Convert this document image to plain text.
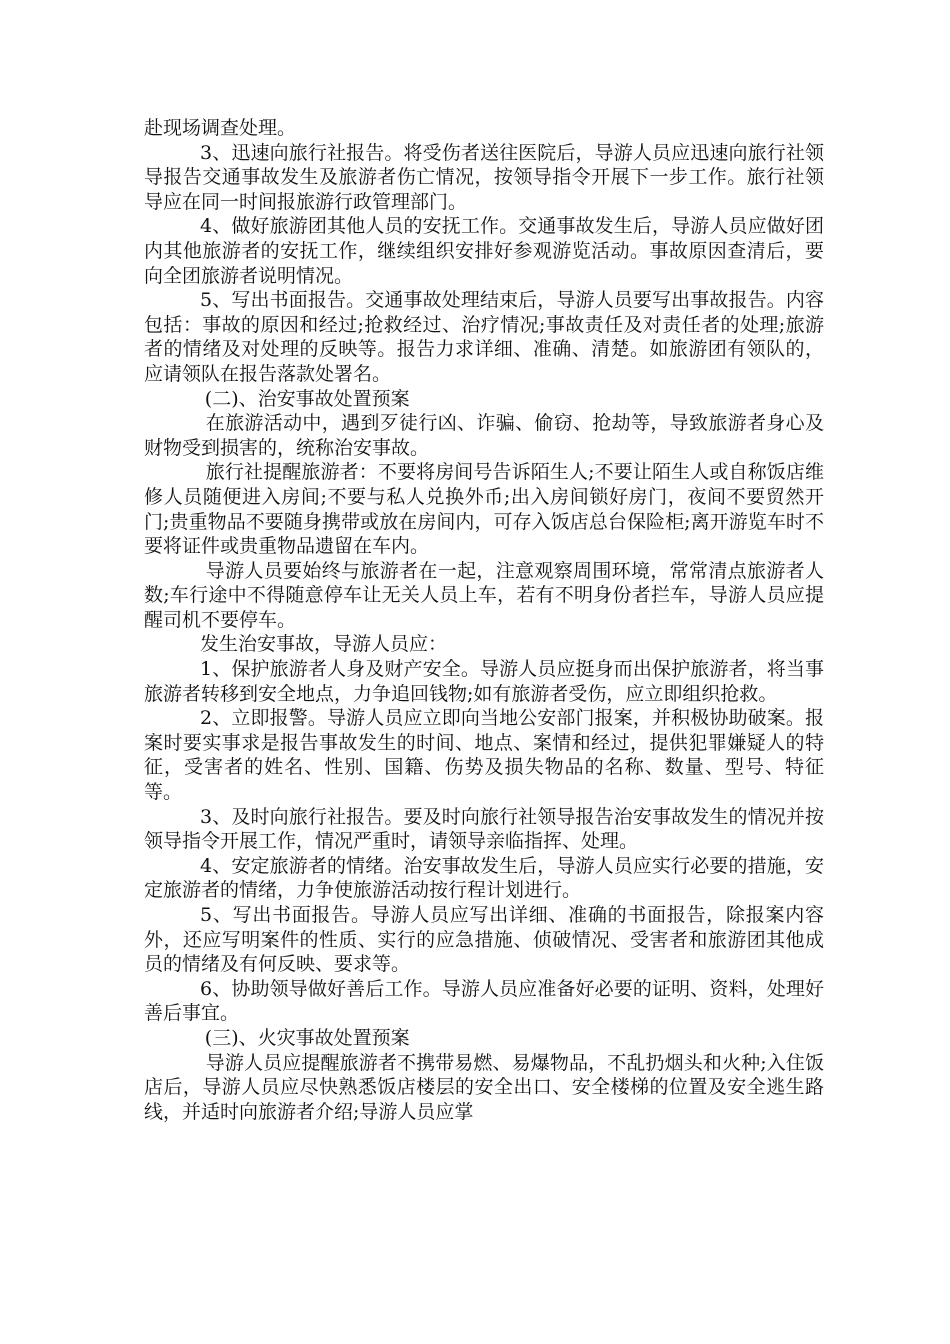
赴现场调查处理。

3、迅速向旅行社报告。将受伤者送往医院后，导游人员应迅速向旅行社领导报告交通事故发生及旅游者伤亡情况，按领导指令开展下一步工作。旅行社领导应在同一时间报旅游行政管理部门。

4、做好旅游团其他人员的安抚工作。交通事故发生后，导游人员应做好团内其他旅游者的安抚工作，继续组织安排好参观游览活动。事故原因查清后，要向全团旅游者说明情况。

5、写出书面报告。交通事故处理结束后，导游人员要写出事故报告。内容包括：事故的原因和经过;抢救经过、治疗情况;事故责任及对责任者的处理;旅游者的情绪及对处理的反映等。报告力求详细、准确、清楚。如旅游团有领队的，应请领队在报告落款处署名。

(二)、治安事故处置预案

在旅游活动中，遇到歹徒行凶、诈骗、偷窃、抢劫等，导致旅游者身心及财物受到损害的，统称治安事故。

旅行社提醒旅游者：不要将房间号告诉陌生人;不要让陌生人或自称饭店维修人员随便进入房间;不要与私人兑换外币;出入房间锁好房门，夜间不要贸然开门;贵重物品不要随身携带或放在房间内，可存入饭店总台保险柜;离开游览车时不要将证件或贵重物品遗留在车内。

导游人员要始终与旅游者在一起，注意观察周围环境，常常清点旅游者人数;车行途中不得随意停车让无关人员上车，若有不明身份者拦车，导游人员应提醒司机不要停车。

发生治安事故，导游人员应：

1、保护旅游者人身及财产安全。导游人员应挺身而出保护旅游者，将当事旅游者转移到安全地点，力争追回钱物;如有旅游者受伤，应立即组织抢救。

2、立即报警。导游人员应立即向当地公安部门报案，并积极协助破案。报案时要实事求是报告事故发生的时间、地点、案情和经过，提供犯罪嫌疑人的特征，受害者的姓名、性别、国籍、伤势及损失物品的名称、数量、型号、特征等。

3、及时向旅行社报告。要及时向旅行社领导报告治安事故发生的情况并按领导指令开展工作，情况严重时，请领导亲临指挥、处理。

4、安定旅游者的情绪。治安事故发生后，导游人员应实行必要的措施，安定旅游者的情绪，力争使旅游活动按行程计划进行。

5、写出书面报告。导游人员应写出详细、准确的书面报告，除报案内容外，还应写明案件的性质、实行的应急措施、侦破情况、受害者和旅游团其他成员的情绪及有何反映、要求等。

6、协助领导做好善后工作。导游人员应准备好必要的证明、资料，处理好善后事宜。

(三)、火灾事故处置预案

导游人员应提醒旅游者不携带易燃、易爆物品，不乱扔烟头和火种;入住饭店后，导游人员应尽快熟悉饭店楼层的安全出口、安全楼梯的位置及安全逃生路线，并适时向旅游者介绍;导游人员应掌
